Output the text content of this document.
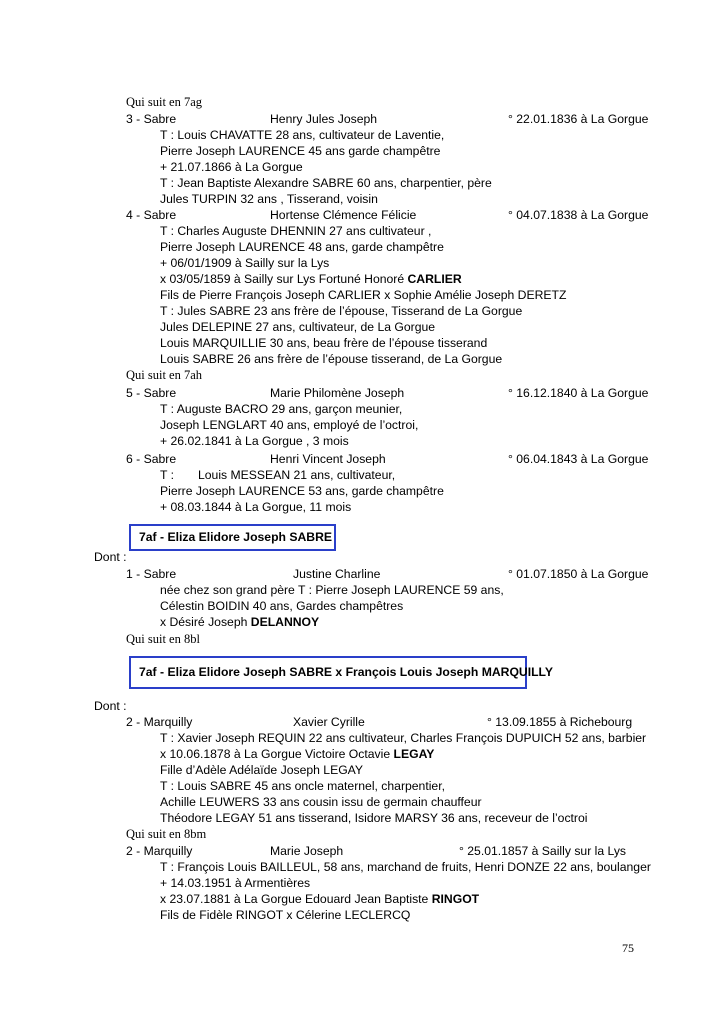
Qui suit en 7ag
3 - Sabre	Henry Jules Joseph	° 22.01.1836 à La Gorgue
T : Louis CHAVATTE 28 ans, cultivateur de Laventie,
Pierre Joseph LAURENCE 45 ans garde champêtre
+ 21.07.1866 à La Gorgue
T : Jean Baptiste Alexandre SABRE 60 ans, charpentier, père
Jules TURPIN 32 ans , Tisserand, voisin
4 - Sabre	Hortense Clémence Félicie	° 04.07.1838 à La Gorgue
T : Charles Auguste DHENNIN 27 ans cultivateur ,
Pierre Joseph LAURENCE 48 ans, garde champêtre
+ 06/01/1909 à Sailly sur la Lys
x 03/05/1859 à Sailly sur Lys Fortuné Honoré CARLIER
Fils de Pierre François Joseph CARLIER x Sophie Amélie Joseph DERETZ
T : Jules SABRE 23 ans frère de l’épouse, Tisserand de La Gorgue
Jules DELEPINE 27 ans, cultivateur, de La Gorgue
Louis MARQUILLIE 30 ans, beau frère de l’épouse tisserand
Louis SABRE 26 ans frère de l’épouse tisserand, de La Gorgue
Qui suit en 7ah
5 - Sabre	Marie Philomène Joseph	° 16.12.1840 à La Gorgue
T : Auguste BACRO 29 ans, garçon meunier,
Joseph LENGLART 40 ans, employé de l’octroi,
+ 26.02.1841 à La Gorgue , 3 mois
6 - Sabre	Henri Vincent Joseph	° 06.04.1843 à La Gorgue
T : Louis MESSEAN 21 ans, cultivateur,
Pierre Joseph LAURENCE 53 ans, garde champêtre
+ 08.03.1844 à La Gorgue, 11 mois
7af - Eliza Elidore Joseph SABRE
Dont :
1 - Sabre	Justine Charline	° 01.07.1850 à La Gorgue
née chez son grand père T : Pierre Joseph LAURENCE 59 ans,
Célestin BOIDIN 40 ans, Gardes champêtres
x Désiré Joseph DELANNOY
Qui suit en 8bl
7af - Eliza Elidore Joseph SABRE x François Louis Joseph MARQUILLY
Dont :
2 - Marquilly	Xavier Cyrille	° 13.09.1855 à Richebourg
T : Xavier Joseph REQUIN 22 ans cultivateur, Charles François DUPUICH 52 ans, barbier
x 10.06.1878 à La Gorgue Victoire Octavie LEGAY
Fille d’Adèle Adélaïde Joseph LEGAY
T : Louis SABRE 45 ans oncle maternel, charpentier,
Achille LEUWERS 33 ans cousin issu de germain chauffeur
Théodore LEGAY 51 ans tisserand, Isidore MARSY 36 ans, receveur de l’octroi
Qui suit en 8bm
2 - Marquilly	Marie Joseph	° 25.01.1857 à Sailly sur la Lys
T : François Louis BAILLEUL, 58 ans, marchand de fruits, Henri DONZE 22 ans, boulanger
+ 14.03.1951 à Armentières
x 23.07.1881 à La Gorgue Edouard Jean Baptiste RINGOT
Fils de Fidèle RINGOT x Célerine LECLERCQ
75
